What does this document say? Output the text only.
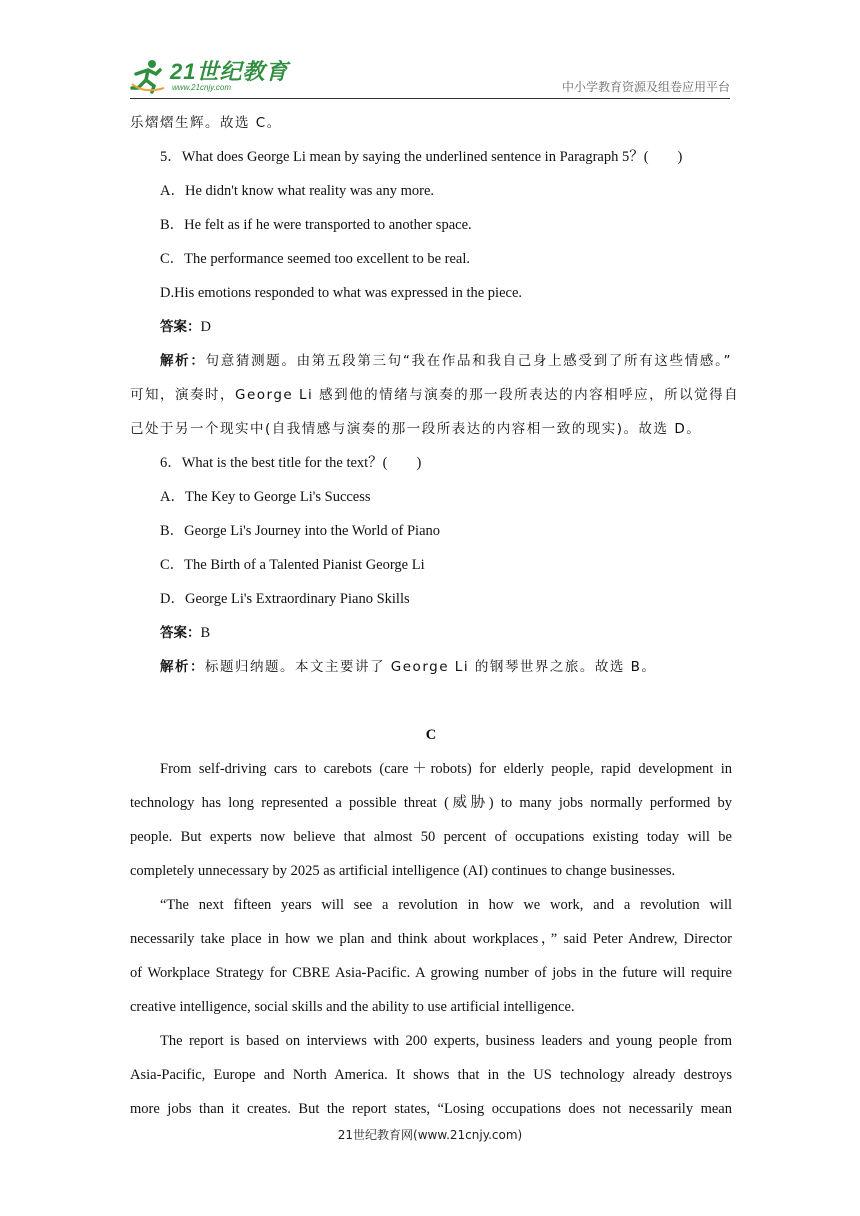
21世纪教育
www.21cnjy.com	中小学教育资源及组卷应用平台
乐熠熠生辉。故选 C。
5．What does George Li mean by saying the underlined sentence in Paragraph 5？(　　)
A．He didn't know what reality was any more.
B．He felt as if he were transported to another space.
C．The performance seemed too excellent to be real.
D.His emotions responded to what was expressed in the piece.
答案：D
解析：句意猜测题。由第五段第三句“我在作品和我自己身上感受到了所有这些情感。”
可知，演奏时，George Li 感到他的情绪与演奏的那一段所表达的内容相呼应，所以觉得自
己处于另一个现实中(自我情感与演奏的那一段所表达的内容相一致的现实)。故选 D。
6．What is the best title for the text？(　　)
A．The Key to George Li's Success
B．George Li's Journey into the World of Piano
C．The Birth of a Talented Pianist George Li
D．George Li's Extraordinary Piano Skills
答案：B
解析：标题归纳题。本文主要讲了 George Li 的钢琴世界之旅。故选 B。
C
From self-driving cars to carebots (care＋robots) for elderly people, rapid development in
technology has long represented a possible threat (威胁) to many jobs normally performed by
people. But experts now believe that almost 50 percent of occupations existing today will be
completely unnecessary by 2025 as artificial intelligence (AI) continues to change businesses.
“The next fifteen years will see a revolution in how we work, and a revolution will
necessarily take place in how we plan and think about workplaces，” said Peter Andrew, Director
of Workplace Strategy for CBRE Asia-Pacific. A growing number of jobs in the future will require
creative intelligence, social skills and the ability to use artificial intelligence.
The report is based on interviews with 200 experts, business leaders and young people from
Asia-Pacific, Europe and North America. It shows that in the US technology already destroys
more jobs than it creates. But the report states, “Losing occupations does not necessarily mean
21世纪教育网(www.21cnjy.com)
